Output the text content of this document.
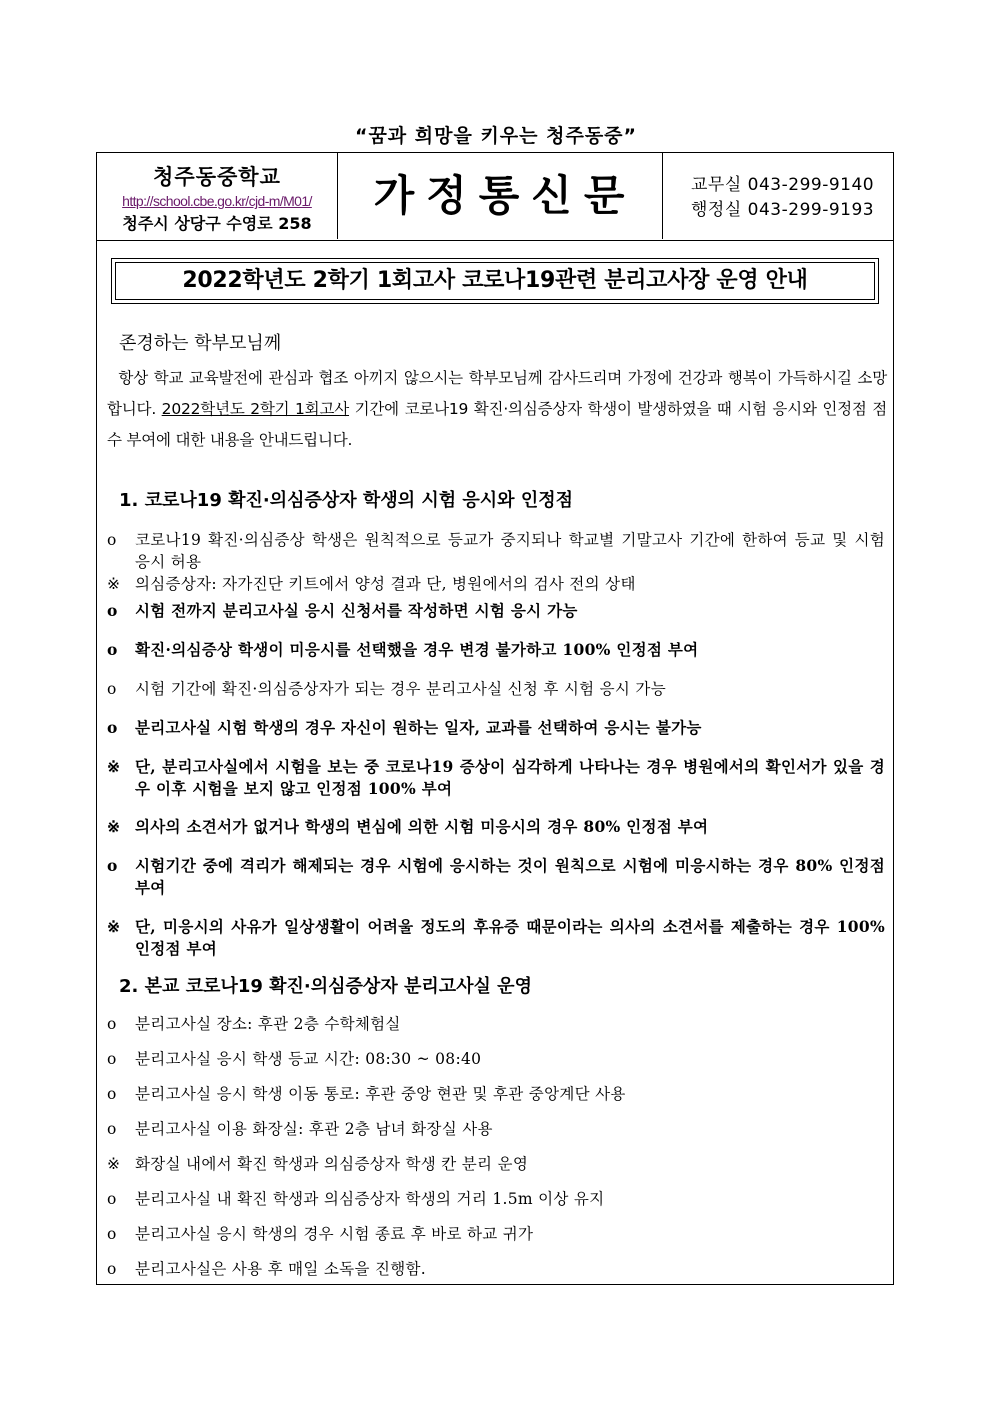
“꿈과 희망을 키우는 청주동중”
청주동중학교
http://school.cbe.go.kr/cjd-m/M01/
청주시 상당구 수영로 258
가정통신문	교무실 043-299-9140
행정실 043-299-9193
2022학년도 2학기 1회고사 코로나19관련 분리고사장 운영 안내
존경하는 학부모님께
항상 학교 교육발전에 관심과 협조 아끼지 않으시는 학부모님께 감사드리며 가정에 건강과 행복이 가득하시길 소망합니다. 2022학년도 2학기 1회고사 기간에 코로나19 확진·의심증상자 학생이 발생하였을 때 시험 응시와 인정점 점수 부여에 대한 내용을 안내드립니다.
1. 코로나19 확진·의심증상자 학생의 시험 응시와 인정점
o	코로나19 확진·의심증상 학생은 원칙적으로 등교가 중지되나 학교별 기말고사 기간에 한하여 등교 및 시험 응시 허용
※ 의심증상자: 자가진단 키트에서 양성 결과 단, 병원에서의 검사 전의 상태
o	시험 전까지 분리고사실 응시 신청서를 작성하면 시험 응시 가능
o	확진·의심증상 학생이 미응시를 선택했을 경우 변경 불가하고 100% 인정점 부여
o	시험 기간에 확진·의심증상자가 되는 경우 분리고사실 신청 후 시험 응시 가능
o	분리고사실 시험 학생의 경우 자신이 원하는 일자, 교과를 선택하여 응시는 불가능
※ 단, 분리고사실에서 시험을 보는 중 코로나19 증상이 심각하게 나타나는 경우 병원에서의 확인서가 있을 경우 이후 시험을 보지 않고 인정점 100% 부여
※ 의사의 소견서가 없거나 학생의 변심에 의한 시험 미응시의 경우 80% 인정점 부여
o	시험기간 중에 격리가 해제되는 경우 시험에 응시하는 것이 원칙으로 시험에 미응시하는 경우 80% 인정점 부여
※ 단, 미응시의 사유가 일상생활이 어려울 정도의 후유증 때문이라는 의사의 소견서를 제출하는 경우 100% 인정점 부여
2. 본교 코로나19 확진·의심증상자 분리고사실 운영
o	분리고사실 장소: 후관 2층 수학체험실
o	분리고사실 응시 학생 등교 시간: 08:30 ~ 08:40
o	분리고사실 응시 학생 이동 통로: 후관 중앙 현관 및 후관 중앙계단 사용
o	분리고사실 이용 화장실: 후관 2층 남녀 화장실 사용
※ 화장실 내에서 확진 학생과 의심증상자 학생 칸 분리 운영
o	분리고사실 내 확진 학생과 의심증상자 학생의 거리 1.5m 이상 유지
o	분리고사실 응시 학생의 경우 시험 종료 후 바로 하교 귀가
o	분리고사실은 사용 후 매일 소독을 진행함.
